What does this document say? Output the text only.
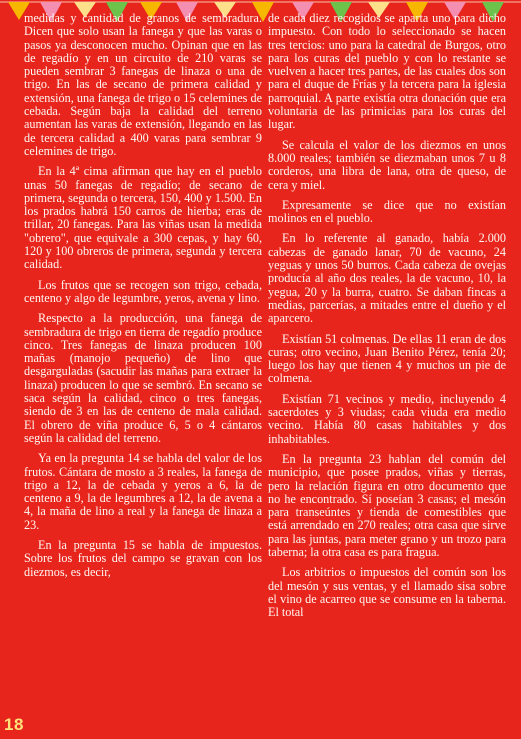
medidas y cantidad de granos de sembradura. Dicen que solo usan la fanega y que las varas o pasos ya desconocen mucho. Opinan que en las de regadío y en un circuito de 210 varas se pueden sembrar 3 fanegas de linaza o una de trigo. En las de secano de primera calidad y extensión, una fanega de trigo o 15 celemines de cebada. Según baja la calidad del terreno aumentan las varas de extensión, llegando en las de tercera calidad a 400 varas para sembrar 9 celemines de trigo.

En la 4ª cima afirman que hay en el pueblo unas 50 fanegas de regadío; de secano de primera, segunda o tercera, 150, 400 y 1.500. En los prados habrá 150 carros de hierba; eras de trillar, 20 fanegas. Para las viñas usan la medida "obrero", que equivale a 300 cepas, y hay 60, 120 y 100 obreros de primera, segunda y tercera calidad.

Los frutos que se recogen son trigo, cebada, centeno y algo de legumbre, yeros, avena y lino.

Respecto a la producción, una fanega de sembradura de trigo en tierra de regadío produce cinco. Tres fanegas de linaza producen 100 mañas (manojo pequeño) de lino que desgarguladas (sacudir las mañas para extraer la linaza) producen lo que se sembró. En secano se saca según la calidad, cinco o tres fanegas, siendo de 3 en las de centeno de mala calidad. El obrero de viña produce 6, 5 o 4 cántaros según la calidad del terreno.

Ya en la pregunta 14 se habla del valor de los frutos. Cántara de mosto a 3 reales, la fanega de trigo a 12, la de cebada y yeros a 6, la de centeno a 9, la de legumbres a 12, la de avena a 4, la maña de lino a real y la fanega de linaza a 23.

En la pregunta 15 se habla de impuestos. Sobre los frutos del campo se gravan con los diezmos, es decir,

de cada diez recogidos se aparta uno para dicho impuesto. Con todo lo seleccionado se hacen tres tercios: uno para la catedral de Burgos, otro para los curas del pueblo y con lo restante se vuelven a hacer tres partes, de las cuales dos son para el duque de Frías y la tercera para la iglesia parroquial. A parte existía otra donación que era voluntaria de las primicias para los curas del lugar.

Se calcula el valor de los diezmos en unos 8.000 reales; también se diezmaban unos 7 u 8 corderos, una libra de lana, otra de queso, de cera y miel.

Expresamente se dice que no existían molinos en el pueblo.

En lo referente al ganado, había 2.000 cabezas de ganado lanar, 70 de vacuno, 24 yeguas y unos 50 burros. Cada cabeza de ovejas producía al año dos reales, la de vacuno, 10, la yegua, 20 y la burra, cuatro. Se daban fincas a medias, parcerías, a mitades entre el dueño y el aparcero.

Existían 51 colmenas. De ellas 11 eran de dos curas; otro vecino, Juan Benito Pérez, tenía 20; luego los hay que tienen 4 y muchos un pie de colmena.

Existían 71 vecinos y medio, incluyendo 4 sacerdotes y 3 viudas; cada viuda era medio vecino. Había 80 casas habitables y dos inhabitables.

En la pregunta 23 hablan del común del municipio, que posee prados, viñas y tierras, pero la relación figura en otro documento que no he encontrado. Sí poseían 3 casas; el mesón para transeúntes y tienda de comestibles que está arrendado en 270 reales; otra casa que sirve para las juntas, para meter grano y un trozo para taberna; la otra casa es para fragua.

Los arbitrios o impuestos del común son los del mesón y sus ventas, y el llamado sisa sobre el vino de acarreo que se consume en la taberna. El total

18
